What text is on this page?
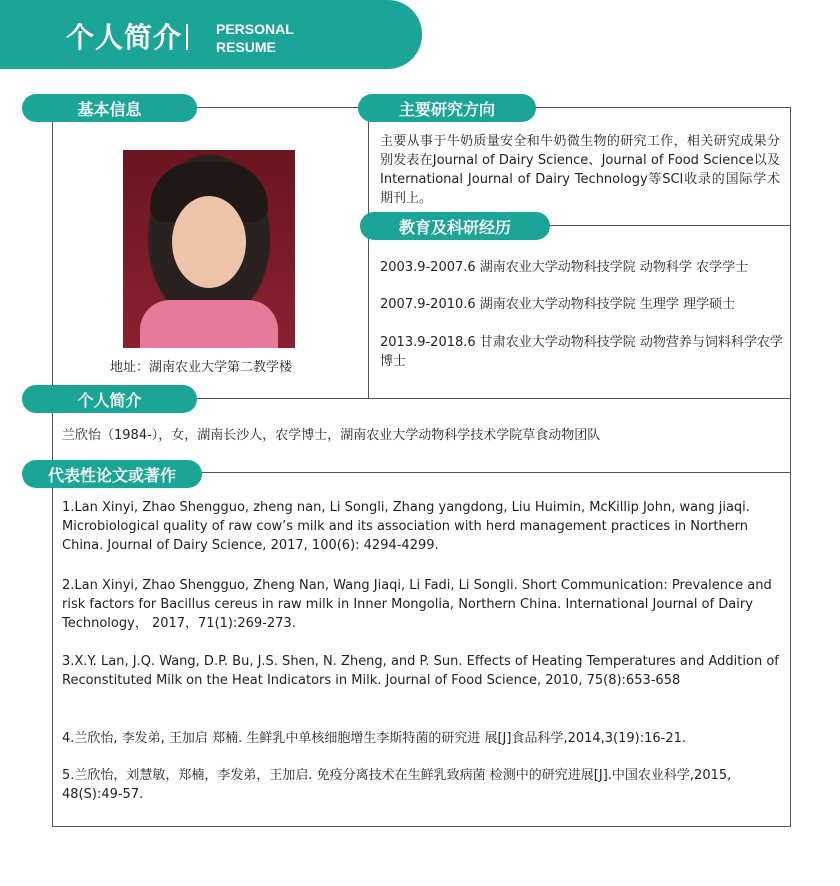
个人简介 PERSONAL
RESUME
基本信息	主要研究方向
教育及科研经历
个人简介
代表性论文或著作
地址：湖南农业大学第二教学楼
主要从事于牛奶质量安全和牛奶微生物的研究工作，相关研究成果分别发表在Journal of Dairy Science、Journal of Food Science以及International Journal of Dairy Technology等SCI收录的国际学术期刊上。
2003.9-2007.6 湖南农业大学动物科技学院 动物科学 农学学士
2007.9-2010.6 湖南农业大学动物科技学院 生理学 理学硕士
2013.9-2018.6 甘肃农业大学动物科技学院 动物营养与饲料科学农学博士
兰欣怡（1984-），女，湖南长沙人，农学博士，湖南农业大学动物科学技术学院草食动物团队
1.Lan Xinyi, Zhao Shengguo, zheng nan, Li Songli, Zhang yangdong, Liu Huimin, McKillip John, wang jiaqi. Microbiological quality of raw cow’s milk and its association with herd management practices in Northern China. Journal of Dairy Science, 2017, 100(6): 4294-4299.
2.Lan Xinyi, Zhao Shengguo, Zheng Nan, Wang Jiaqi, Li Fadi, Li Songli. Short Communication: Prevalence and risk factors for Bacillus cereus in raw milk in Inner Mongolia, Northern China. International Journal of Dairy Technology， 2017，71(1):269-273.
3.X.Y. Lan, J.Q. Wang, D.P. Bu, J.S. Shen, N. Zheng, and P. Sun. Effects of Heating Temperatures and Addition of Reconstituted Milk on the Heat Indicators in Milk. Journal of Food Science, 2010, 75(8):653-658
4.兰欣怡, 李发弟, 王加启 郑楠. 生鲜乳中单核细胞增生李斯特菌的研究进 展[J]食品科学,2014,3(19):16-21.
5.兰欣怡，刘慧敏，郑楠，李发弟，王加启. 免疫分离技术在生鲜乳致病菌 检测中的研究进展[J].中国农业科学,2015, 48(S):49-57.
